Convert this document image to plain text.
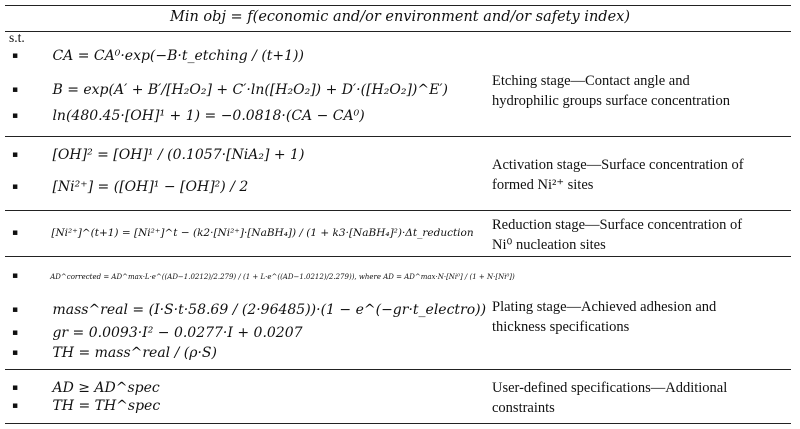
Min obj = f(economic and/or environment and/or safety index)
s.t.
▪ CA = CA⁰·exp(−B·t_etching / (t+1))
▪ B = exp(A′ + B′/[H₂O₂] + C′·ln([H₂O₂]) + D′·([H₂O₂])^E′)
▪ ln(480.45·[OH]¹ + 1) = −0.0818·(CA − CA⁰)
Etching stage—Contact angle and
hydrophilic groups surface concentration
▪ [OH]² = [OH]¹ / (0.1057·[NiA₂] + 1)
▪ [Ni²⁺] = ([OH]¹ − [OH]²) / 2
Activation stage—Surface concentration of
formed Ni²⁺ sites
▪	[Ni²⁺]^(t+1) = [Ni²⁺]^t − (k2·[Ni²⁺]·[NaBH₄]) / (1 + k3·[NaBH₄]²)·Δt_reduction Reduction stage—Surface concentration of
Ni⁰ nucleation sites
▪	AD^corrected = AD^max·L·e^((AD−1.0212)/2.279) / (1 + L·e^((AD−1.0212)/2.279)), where AD = AD^max·N·[Ni⁰] / (1 + N·[Ni⁰])
▪ mass^real = (I·S·t·58.69 / (2·96485))·(1 − e^(−gr·t_electro))
▪ gr = 0.0093·I² − 0.0277·I + 0.0207
▪ TH = mass^real / (ρ·S)
Plating stage—Achieved adhesion and
thickness specifications
▪ AD ≥ AD^spec
▪ TH = TH^spec
User-defined specifications—Additional
constraints
